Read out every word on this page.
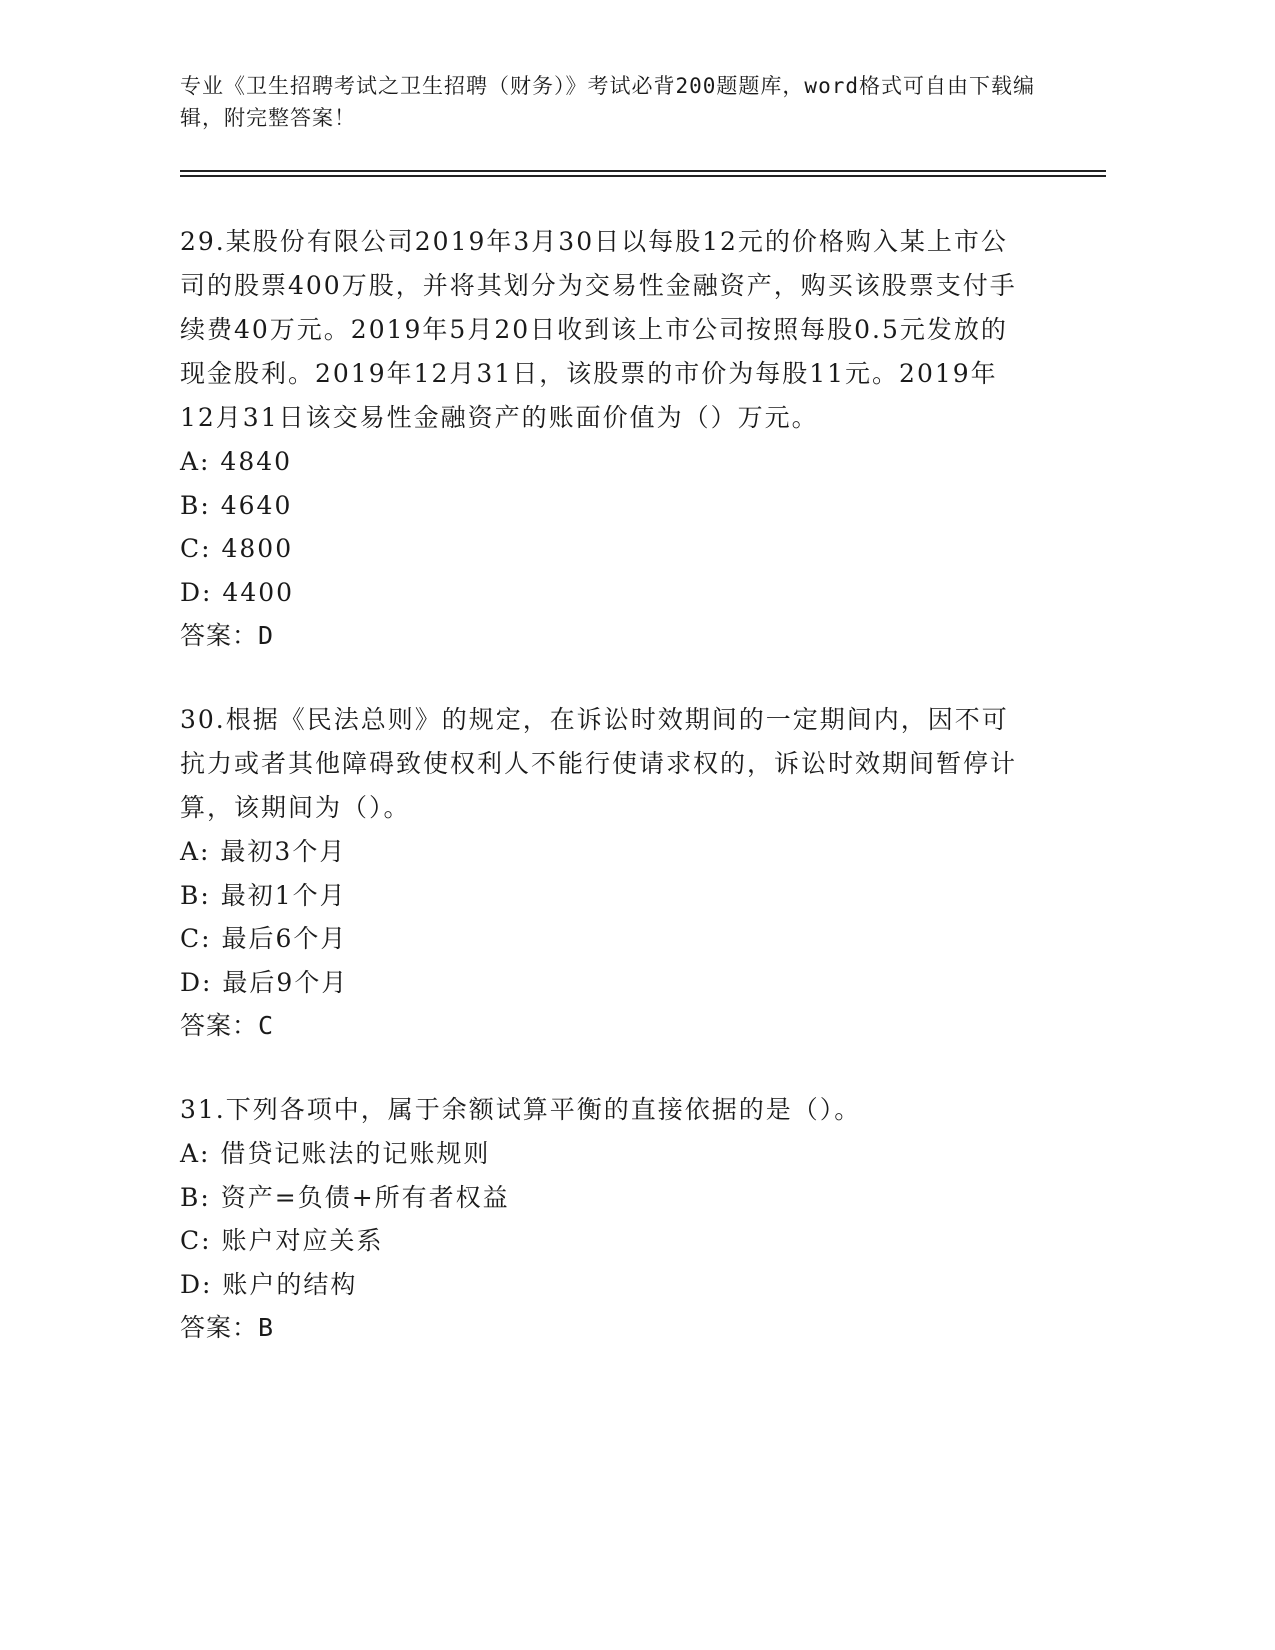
专业《卫生招聘考试之卫生招聘（财务）》考试必背200题题库，word格式可自由下载编辑，附完整答案！
29.某股份有限公司2019年3月30日以每股12元的价格购入某上市公司的股票400万股，并将其划分为交易性金融资产，购买该股票支付手续费40万元。2019年5月20日收到该上市公司按照每股0.5元发放的现金股利。2019年12月31日，该股票的市价为每股11元。2019年12月31日该交易性金融资产的账面价值为（）万元。
A: 4840
B: 4640
C: 4800
D: 4400
答案：D
30.根据《民法总则》的规定，在诉讼时效期间的一定期间内，因不可抗力或者其他障碍致使权利人不能行使请求权的，诉讼时效期间暂停计算，该期间为（）。
A: 最初3个月
B: 最初1个月
C: 最后6个月
D: 最后9个月
答案：C
31.下列各项中，属于余额试算平衡的直接依据的是（）。
A: 借贷记账法的记账规则
B: 资产=负债+所有者权益
C: 账户对应关系
D: 账户的结构
答案：B
